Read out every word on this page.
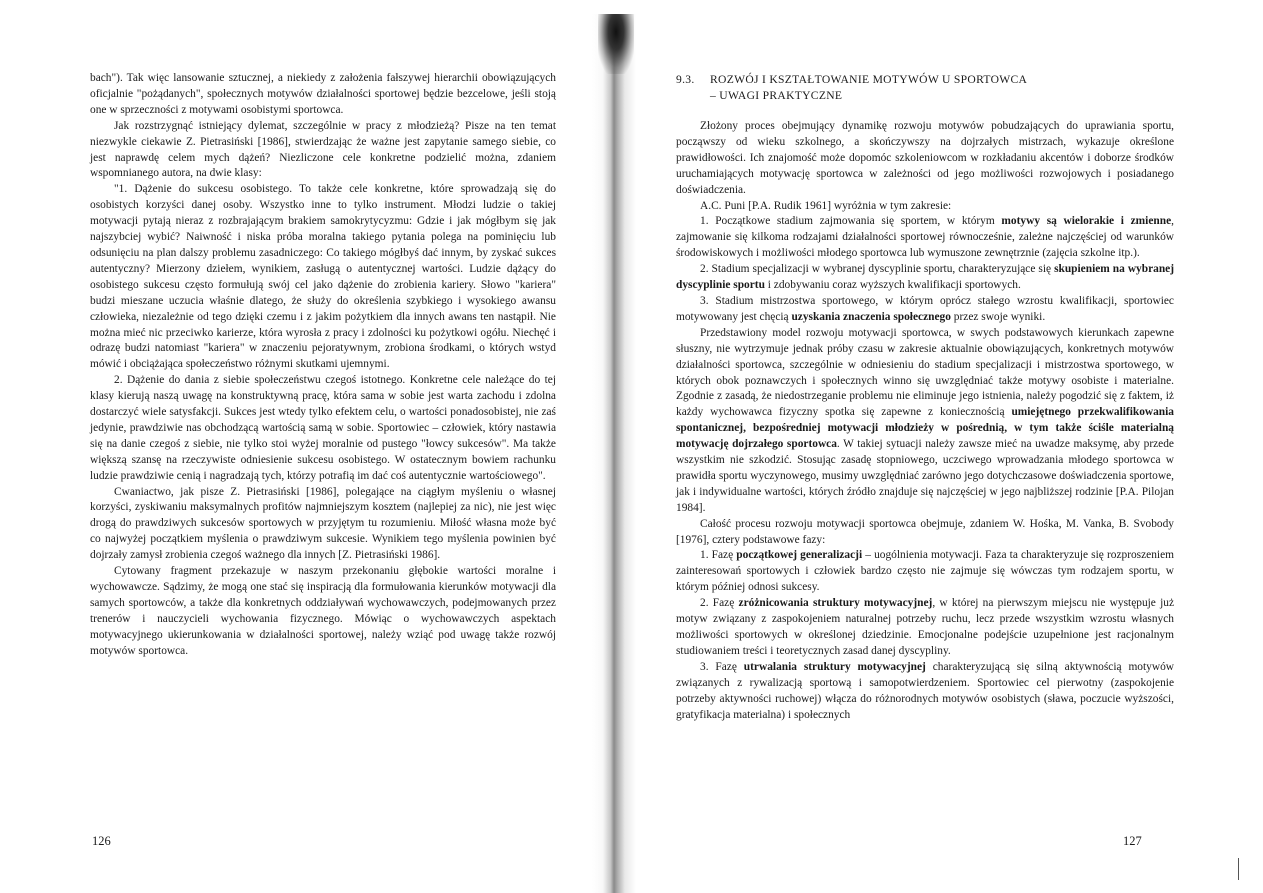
bach"). Tak więc lansowanie sztucznej, a niekiedy z założenia fałszywej hierarchii obowiązujących oficjalnie "pożądanych", społecznych motywów działalności sportowej będzie bezcelowe, jeśli stoją one w sprzeczności z motywami osobistymi sportowca.

Jak rozstrzygnąć istniejący dylemat, szczególnie w pracy z młodzieżą? Pisze na ten temat niezwykle ciekawie Z. Pietrasiński [1986], stwierdzając że ważne jest zapytanie samego siebie, co jest naprawdę celem mych dążeń? Niezliczone cele konkretne podzielić można, zdaniem wspomnianego autora, na dwie klasy:

"1. Dążenie do sukcesu osobistego. To także cele konkretne, które sprowadzają się do osobistych korzyści danej osoby. Wszystko inne to tylko instrument. Młodzi ludzie o takiej motywacji pytają nieraz z rozbrajającym brakiem samokrytycyzmu: Gdzie i jak mógłbym się jak najszybciej wybić? Naiwność i niska próba moralna takiego pytania polega na pominięciu lub odsunięciu na plan dalszy problemu zasadniczego: Co takiego mógłbyś dać innym, by zyskać sukces autentyczny? Mierzony dziełem, wynikiem, zasługą o autentycznej wartości. Ludzie dążący do osobistego sukcesu często formułują swój cel jako dążenie do zrobienia kariery. Słowo "kariera" budzi mieszane uczucia właśnie dlatego, że służy do określenia szybkiego i wysokiego awansu człowieka, niezależnie od tego dzięki czemu i z jakim pożytkiem dla innych awans ten nastąpił. Nie można mieć nic przeciwko karierze, która wyrosła z pracy i zdolności ku pożytkowi ogółu. Niechęć i odrazę budzi natomiast "kariera" w znaczeniu pejoratywnym, zrobiona środkami, o których wstyd mówić i obciążająca społeczeństwo różnymi skutkami ujemnymi.

2. Dążenie do dania z siebie społeczeństwu czegoś istotnego. Konkretne cele należące do tej klasy kierują naszą uwagę na konstruktywną pracę, która sama w sobie jest warta zachodu i zdolna dostarczyć wiele satysfakcji. Sukces jest wtedy tylko efektem celu, o wartości ponadosobistej, nie zaś jedynie, prawdziwie nas obchodzącą wartością samą w sobie. Sportowiec – człowiek, który nastawia się na danie czegoś z siebie, nie tylko stoi wyżej moralnie od pustego "łowcy sukcesów". Ma także większą szansę na rzeczywiste odniesienie sukcesu osobistego. W ostatecznym bowiem rachunku ludzie prawdziwie cenią i nagradzają tych, którzy potrafią im dać coś autentycznie wartościowego".

Cwaniactwo, jak pisze Z. Pietrasiński [1986], polegające na ciągłym myśleniu o własnej korzyści, zyskiwaniu maksymalnych profitów najmniejszym kosztem (najlepiej za nic), nie jest więc drogą do prawdziwych sukcesów sportowych w przyjętym tu rozumieniu. Miłość własna może być co najwyżej początkiem myślenia o prawdziwym sukcesie. Wynikiem tego myślenia powinien być dojrzały zamysł zrobienia czegoś ważnego dla innych [Z. Pietrasiński 1986].

Cytowany fragment przekazuje w naszym przekonaniu głębokie wartości moralne i wychowawcze. Sądzimy, że mogą one stać się inspiracją dla formułowania kierunków motywacji dla samych sportowców, a także dla konkretnych oddziaływań wychowawczych, podejmowanych przez trenerów i nauczycieli wychowania fizycznego. Mówiąc o wychowawczych aspektach motywacyjnego ukierunkowania w działalności sportowej, należy wziąć pod uwagę także rozwój motywów sportowca.

126
9.3. ROZWÓJ I KSZTAŁTOWANIE MOTYWÓW U SPORTOWCA
– UWAGI PRAKTYCZNE

Złożony proces obejmujący dynamikę rozwoju motywów pobudzających do uprawiania sportu, począwszy od wieku szkolnego, a skończywszy na dojrzałych mistrzach, wykazuje określone prawidłowości. Ich znajomość może dopomóc szkoleniowcom w rozkładaniu akcentów i doborze środków uruchamiających motywację sportowca w zależności od jego możliwości rozwojowych i posiadanego doświadczenia.

A.C. Puni [P.A. Rudik 1961] wyróżnia w tym zakresie:

1. Początkowe stadium zajmowania się sportem, w którym motywy są wielorakie i zmienne, zajmowanie się kilkoma rodzajami działalności sportowej równocześnie, zależne najczęściej od warunków środowiskowych i możliwości młodego sportowca lub wymuszone zewnętrznie (zajęcia szkolne itp.).

2. Stadium specjalizacji w wybranej dyscyplinie sportu, charakteryzujące się skupieniem na wybranej dyscyplinie sportu i zdobywaniu coraz wyższych kwalifikacji sportowych.

3. Stadium mistrzostwa sportowego, w którym oprócz stałego wzrostu kwalifikacji, sportowiec motywowany jest chęcią uzyskania znaczenia społecznego przez swoje wyniki.

Przedstawiony model rozwoju motywacji sportowca, w swych podstawowych kierunkach zapewne słuszny, nie wytrzymuje jednak próby czasu w zakresie aktualnie obowiązujących, konkretnych motywów działalności sportowca, szczególnie w odniesieniu do stadium specjalizacji i mistrzostwa sportowego, w których obok poznawczych i społecznych winno się uwzględniać także motywy osobiste i materialne. Zgodnie z zasadą, że niedostrzeganie problemu nie eliminuje jego istnienia, należy pogodzić się z faktem, iż każdy wychowawca fizyczny spotka się zapewne z koniecznością umiejętnego przekwalifikowania spontanicznej, bezpośredniej motywacji młodzieży w pośrednią, w tym także ściśle materialną motywację dojrzałego sportowca. W takiej sytuacji należy zawsze mieć na uwadze maksymę, aby przede wszystkim nie szkodzić. Stosując zasadę stopniowego, uczciwego wprowadzania młodego sportowca w prawidła sportu wyczynowego, musimy uwzględniać zarówno jego dotychczasowe doświadczenia sportowe, jak i indywidualne wartości, których źródło znajduje się najczęściej w jego najbliższej rodzinie [P.A. Pilojan 1984].

Całość procesu rozwoju motywacji sportowca obejmuje, zdaniem W. Hośka, M. Vanka, B. Svobody [1976], cztery podstawowe fazy:

1. Fazę początkowej generalizacji – uogólnienia motywacji. Faza ta charakteryzuje się rozproszeniem zainteresowań sportowych i człowiek bardzo często nie zajmuje się wówczas tym rodzajem sportu, w którym później odnosi sukcesy.

2. Fazę zróżnicowania struktury motywacyjnej, w której na pierwszym miejscu nie występuje już motyw związany z zaspokojeniem naturalnej potrzeby ruchu, lecz przede wszystkim wzrostu własnych możliwości sportowych w określonej dziedzinie. Emocjonalne podejście uzupełnione jest racjonalnym studiowaniem treści i teoretycznych zasad danej dyscypliny.

3. Fazę utrwalania struktury motywacyjnej charakteryzującą się silną aktywnością motywów związanych z rywalizacją sportową i samopotwierdzeniem. Sportowiec cel pierwotny (zaspokojenie potrzeby aktywności ruchowej) włącza do różnorodnych motywów osobistych (sława, poczucie wyższości, gratyfikacja materialna) i społecznych

127
